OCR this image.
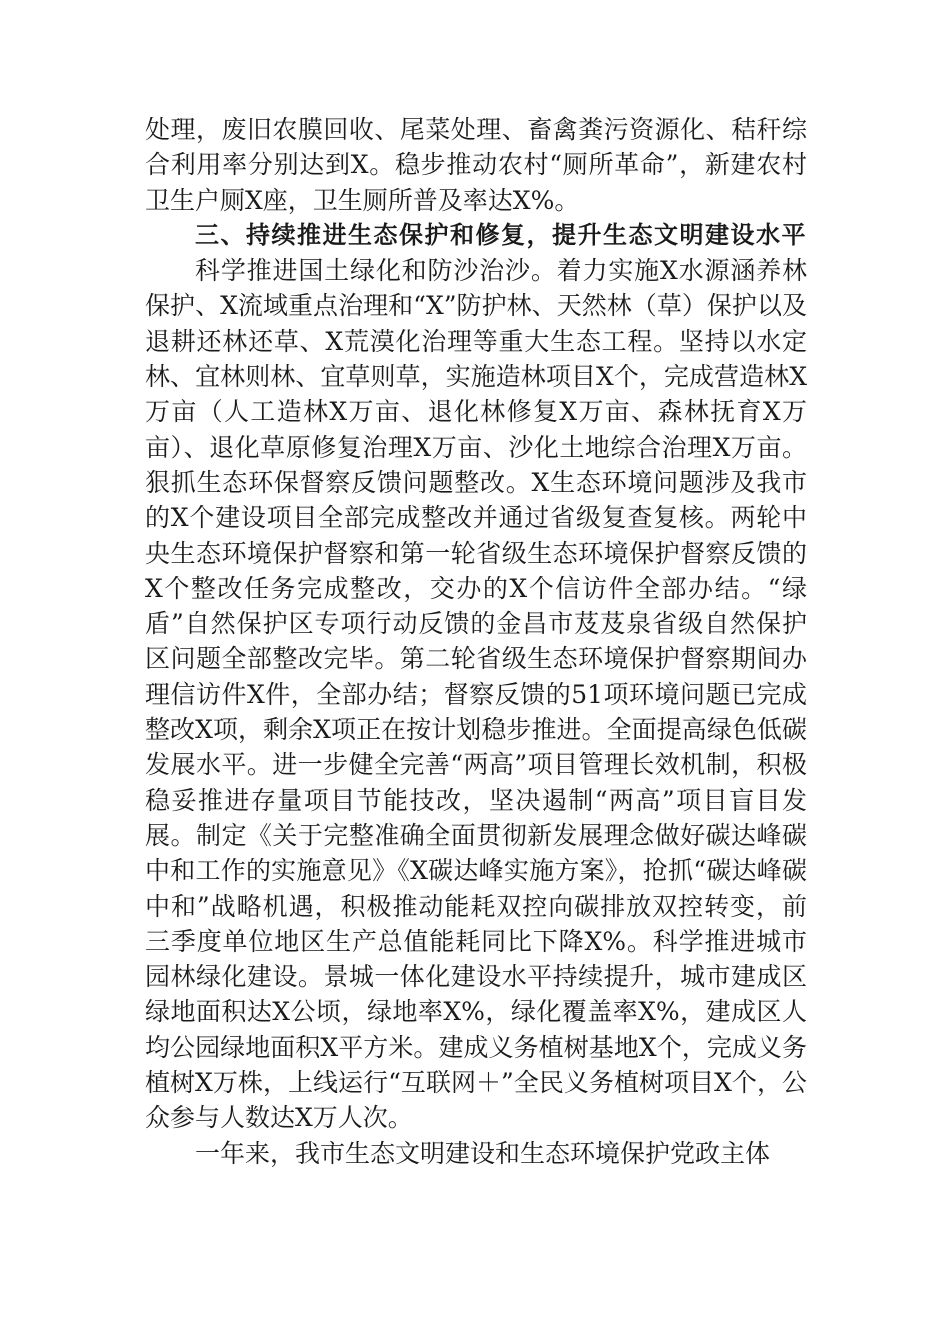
处理，废旧农膜回收、尾菜处理、畜禽粪污资源化、秸秆综合利用率分别达到X。稳步推动农村“厕所革命”，新建农村卫生户厕X座，卫生厕所普及率达X%。

三、持续推进生态保护和修复，提升生态文明建设水平

科学推进国土绿化和防沙治沙。着力实施X水源涵养林保护、X流域重点治理和“X”防护林、天然林（草）保护以及退耕还林还草、X荒漠化治理等重大生态工程。坚持以水定林、宜林则林、宜草则草，实施造林项目X个，完成营造林X万亩（人工造林X万亩、退化林修复X万亩、森林抚育X万亩）、退化草原修复治理X万亩、沙化土地综合治理X万亩。狠抓生态环保督察反馈问题整改。X生态环境问题涉及我市的X个建设项目全部完成整改并通过省级复查复核。两轮中央生态环境保护督察和第一轮省级生态环境保护督察反馈的X个整改任务完成整改，交办的X个信访件全部办结。“绿盾”自然保护区专项行动反馈的金昌市芨芨泉省级自然保护区问题全部整改完毕。第二轮省级生态环境保护督察期间办理信访件X件，全部办结；督察反馈的51项环境问题已完成整改X项，剩余X项正在按计划稳步推进。全面提高绿色低碳发展水平。进一步健全完善“两高”项目管理长效机制，积极稳妥推进存量项目节能技改，坚决遏制“两高”项目盲目发展。制定《关于完整准确全面贯彻新发展理念做好碳达峰碳中和工作的实施意见》《X碳达峰实施方案》，抢抓“碳达峰碳中和”战略机遇，积极推动能耗双控向碳排放双控转变，前三季度单位地区生产总值能耗同比下降X%。科学推进城市园林绿化建设。景城一体化建设水平持续提升，城市建成区绿地面积达X公顷，绿地率X%，绿化覆盖率X%，建成区人均公园绿地面积X平方米。建成义务植树基地X个，完成义务植树X万株，上线运行“互联网＋”全民义务植树项目X个，公众参与人数达X万人次。

一年来，我市生态文明建设和生态环境保护党政主体
